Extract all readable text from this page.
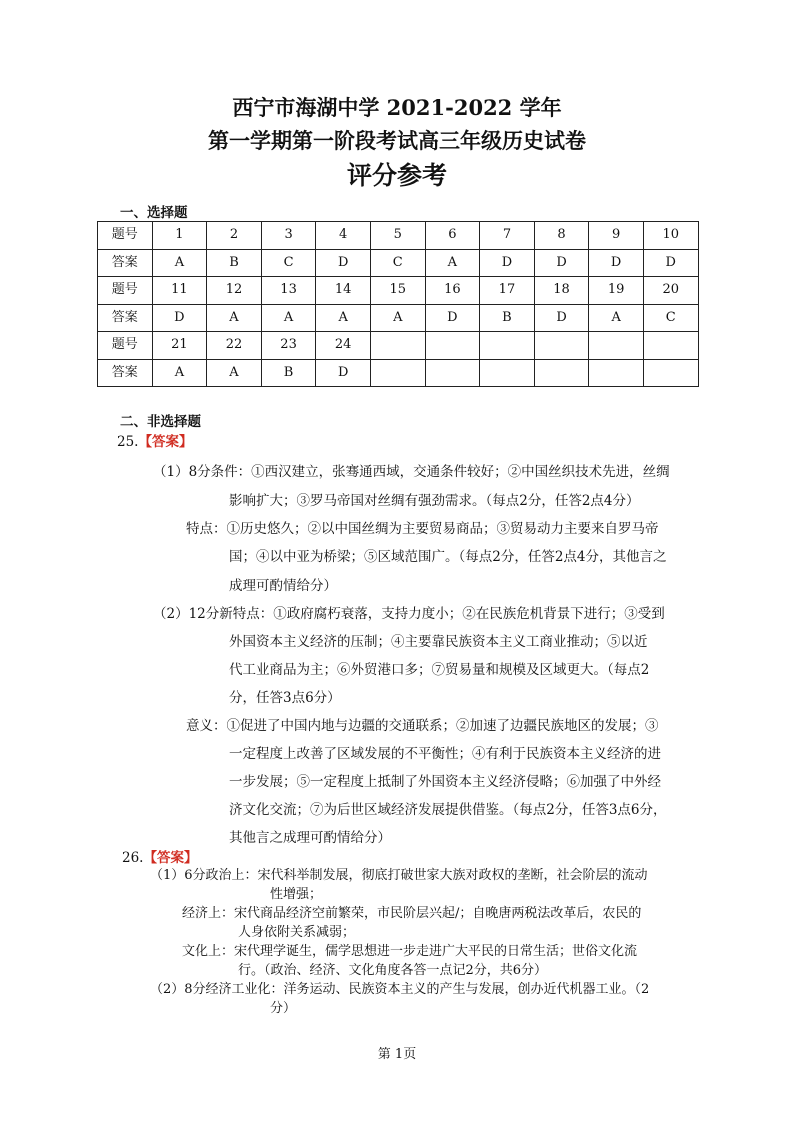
西宁市海湖中学 2021-2022 学年
第一学期第一阶段考试高三年级历史试卷
评分参考
一、选择题
题号	1	2	3	4	5	6	7	8	9	10
答案	A	B	C	D	C	A	D	D	D	D
题号	11	12	13	14	15	16	17	18	19	20
答案	D	A	A	A	A	D	B	D	A	C
题号	21	22	23	24						
答案	A	A	B	D						
二、非选择题
25.【答案】
（1）8分条件：①西汉建立，张骞通西域，交通条件较好；②中国丝织技术先进，丝绸
影响扩大；③罗马帝国对丝绸有强劲需求。（每点2分，任答2点4分）
特点：①历史悠久；②以中国丝绸为主要贸易商品；③贸易动力主要来自罗马帝
国；④以中亚为桥梁；⑤区域范围广。（每点2分，任答2点4分，其他言之
成理可酌情给分）
（2）12分新特点：①政府腐朽衰落，支持力度小；②在民族危机背景下进行；③受到
外国资本主义经济的压制；④主要靠民族资本主义工商业推动；⑤以近
代工业商品为主；⑥外贸港口多；⑦贸易量和规模及区域更大。（每点2
分，任答3点6分）
意义：①促进了中国内地与边疆的交通联系；②加速了边疆民族地区的发展；③
一定程度上改善了区域发展的不平衡性；④有利于民族资本主义经济的进
一步发展；⑤一定程度上抵制了外国资本主义经济侵略；⑥加强了中外经
济文化交流；⑦为后世区域经济发展提供借鉴。（每点2分，任答3点6分，
其他言之成理可酌情给分）
26.【答案】
（1）6分政治上：宋代科举制发展，彻底打破世家大族对政权的垄断，社会阶层的流动
性增强；
经济上：宋代商品经济空前繁荣，市民阶层兴起/；自晚唐两税法改革后，农民的
人身依附关系减弱；
文化上：宋代理学诞生，儒学思想进一步走进广大平民的日常生活；世俗文化流
行。（政治、经济、文化角度各答一点记2分，共6分）
（2）8分经济工业化：洋务运动、民族资本主义的产生与发展，创办近代机器工业。（2
分）
第 1页
